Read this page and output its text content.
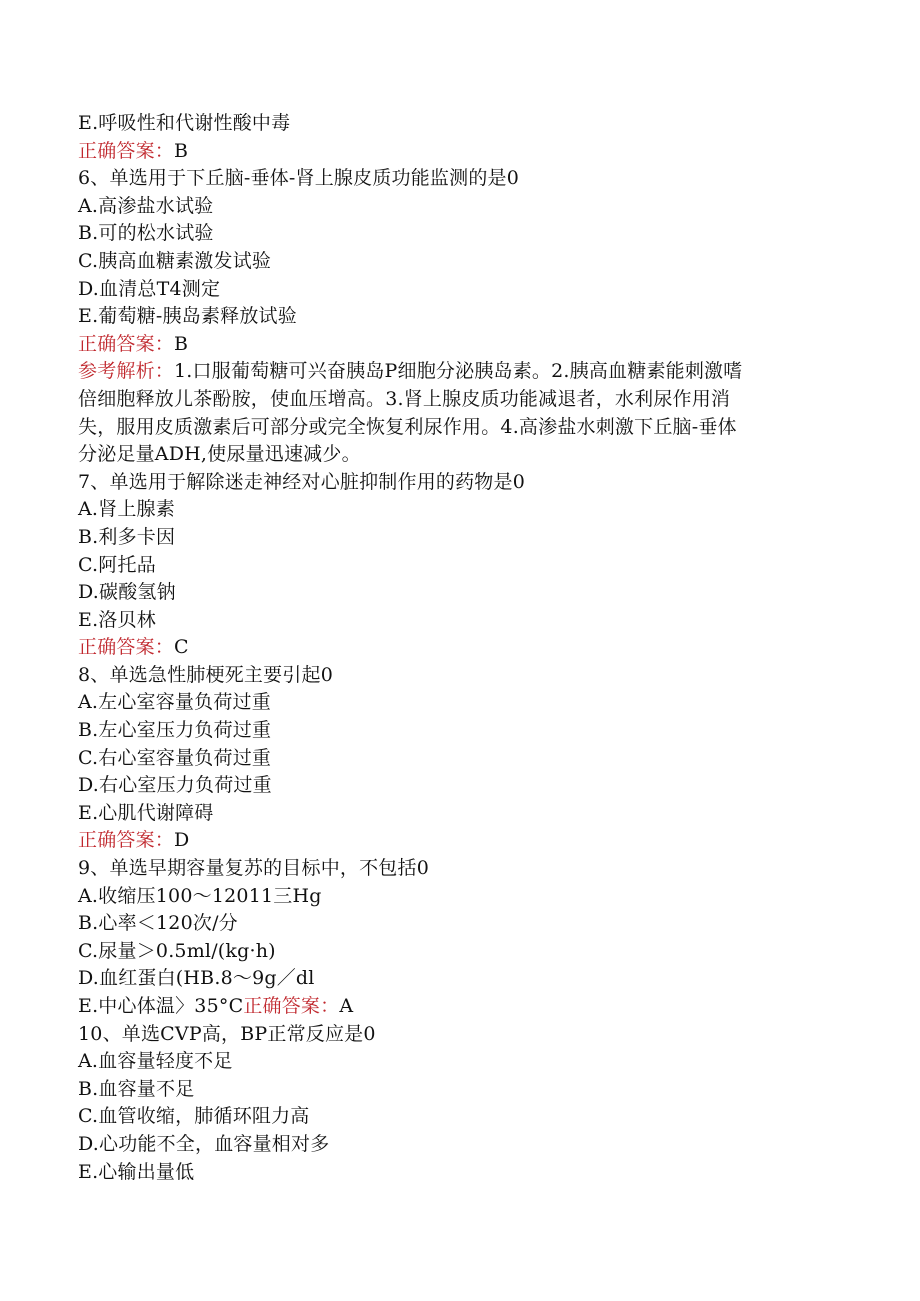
E.呼吸性和代谢性酸中毒
正确答案：B
6、单选用于下丘脑-垂体-肾上腺皮质功能监测的是0
A.高渗盐水试验
B.可的松水试验
C.胰高血糖素激发试验
D.血清总T4测定
E.葡萄糖-胰岛素释放试验
正确答案：B
参考解析：1.口服葡萄糖可兴奋胰岛P细胞分泌胰岛素。2.胰高血糖素能刺激嗜
倍细胞释放儿茶酚胺，使血压增高。3.肾上腺皮质功能减退者，水利尿作用消
失，服用皮质激素后可部分或完全恢复利尿作用。4.高渗盐水刺激下丘脑-垂体
分泌足量ADH,使尿量迅速减少。
7、单选用于解除迷走神经对心脏抑制作用的药物是0
A.肾上腺素
B.利多卡因
C.阿托品
D.碳酸氢钠
E.洛贝林
正确答案：C
8、单选急性肺梗死主要引起0
A.左心室容量负荷过重
B.左心室压力负荷过重
C.右心室容量负荷过重
D.右心室压力负荷过重
E.心肌代谢障碍
正确答案：D
9、单选早期容量复苏的目标中，不包括0
A.收缩压100～12011三Hg
B.心率＜120次/分
C.尿量＞0.5ml/(kg·h)
D.血红蛋白(HB.8～9g／dl
E.中心体温〉35°C正确答案：A
10、单选CVP高，BP正常反应是0
A.血容量轻度不足
B.血容量不足
C.血管收缩，肺循环阻力高
D.心功能不全，血容量相对多
E.心输出量低
